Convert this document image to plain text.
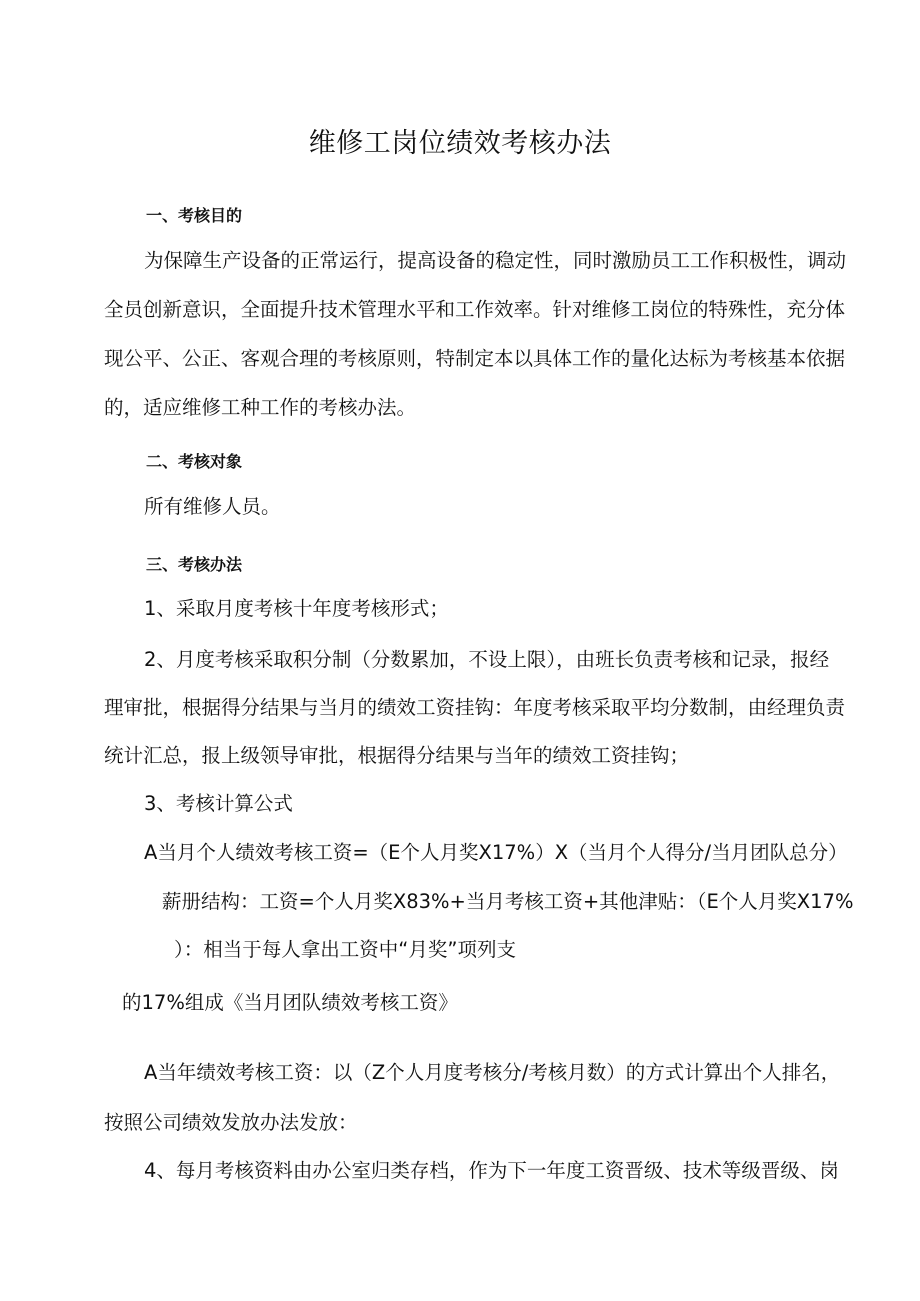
维修工岗位绩效考核办法
一、考核目的
为保障生产设备的正常运行，提高设备的稳定性，同时激励员工工作积极性，调动
全员创新意识，全面提升技术管理水平和工作效率。针对维修工岗位的特殊性，充分体
现公平、公正、客观合理的考核原则，特制定本以具体工作的量化达标为考核基本依据
的，适应维修工种工作的考核办法。
二、考核对象
所有维修人员。
三、考核办法
1、采取月度考核十年度考核形式；
2、月度考核采取积分制（分数累加，不设上限），由班长负责考核和记录，报经
理审批，根据得分结果与当月的绩效工资挂钩：年度考核采取平均分数制，由经理负责
统计汇总，报上级领导审批，根据得分结果与当年的绩效工资挂钩；
3、考核计算公式
A当月个人绩效考核工资=（E个人月奖X17%）X（当月个人得分/当月团队总分）
薪册结构：工资=个人月奖X83%+当月考核工资+其他津贴：（E个人月奖X17%
）：相当于每人拿出工资中“月奖”项列支
的17%组成《当月团队绩效考核工资》
A当年绩效考核工资：以（Z个人月度考核分/考核月数）的方式计算出个人排名，
按照公司绩效发放办法发放：
4、每月考核资料由办公室归类存档，作为下一年度工资晋级、技术等级晋级、岗
